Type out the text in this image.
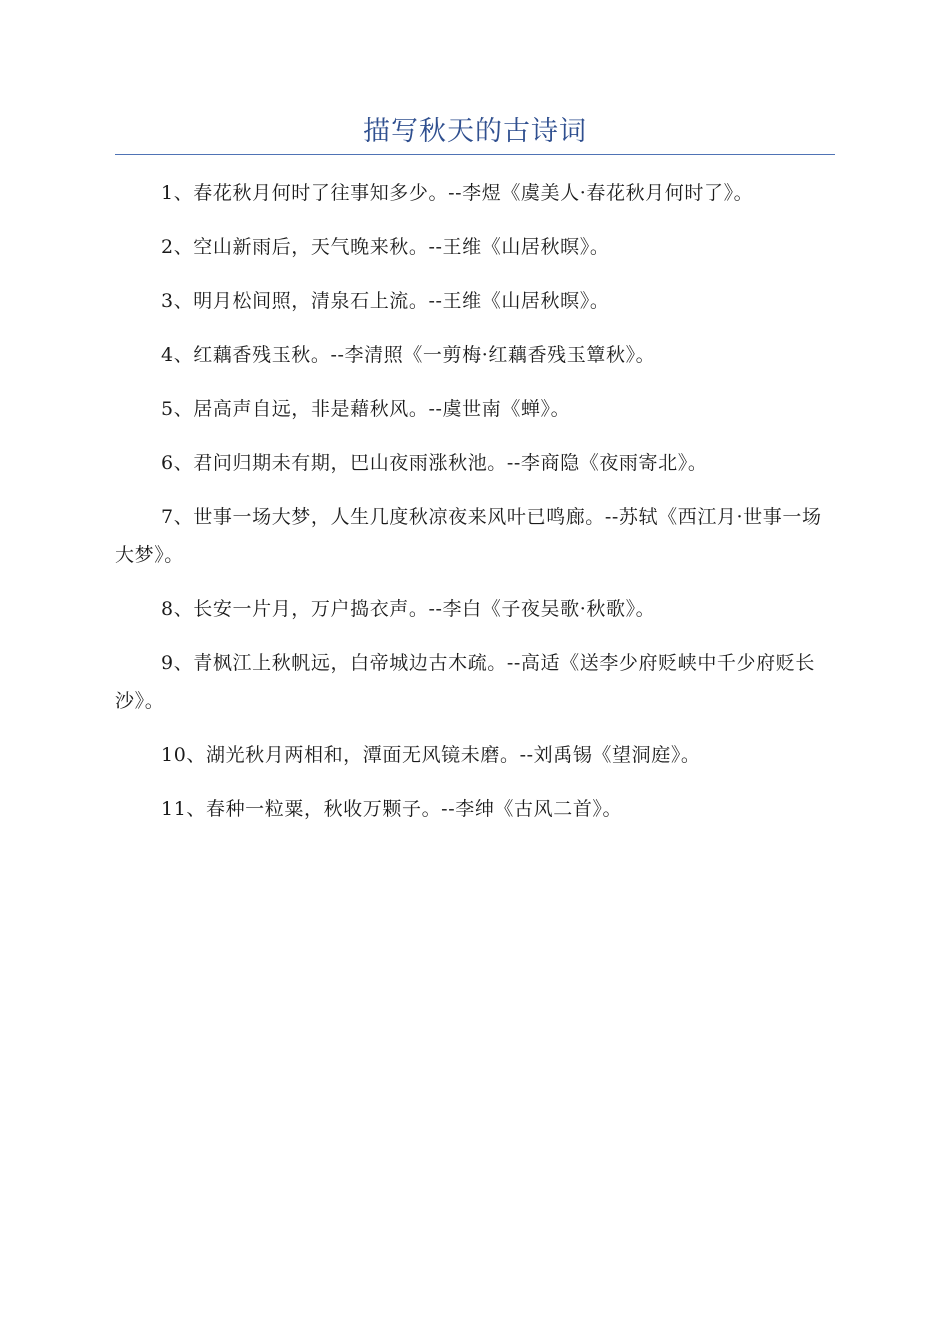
描写秋天的古诗词

1、春花秋月何时了往事知多少。--李煜《虞美人·春花秋月何时了》。

2、空山新雨后，天气晚来秋。--王维《山居秋暝》。

3、明月松间照，清泉石上流。--王维《山居秋暝》。

4、红藕香残玉秋。--李清照《一剪梅·红藕香残玉簟秋》。

5、居高声自远，非是藉秋风。--虞世南《蝉》。

6、君问归期未有期，巴山夜雨涨秋池。--李商隐《夜雨寄北》。

7、世事一场大梦，人生几度秋凉夜来风叶已鸣廊。--苏轼《西江月·世事一场大梦》。

8、长安一片月，万户捣衣声。--李白《子夜吴歌·秋歌》。

9、青枫江上秋帆远，白帝城边古木疏。--高适《送李少府贬峡中千少府贬长沙》。

10、湖光秋月两相和，潭面无风镜未磨。--刘禹锡《望洞庭》。

11、春种一粒粟，秋收万颗子。--李绅《古风二首》。
